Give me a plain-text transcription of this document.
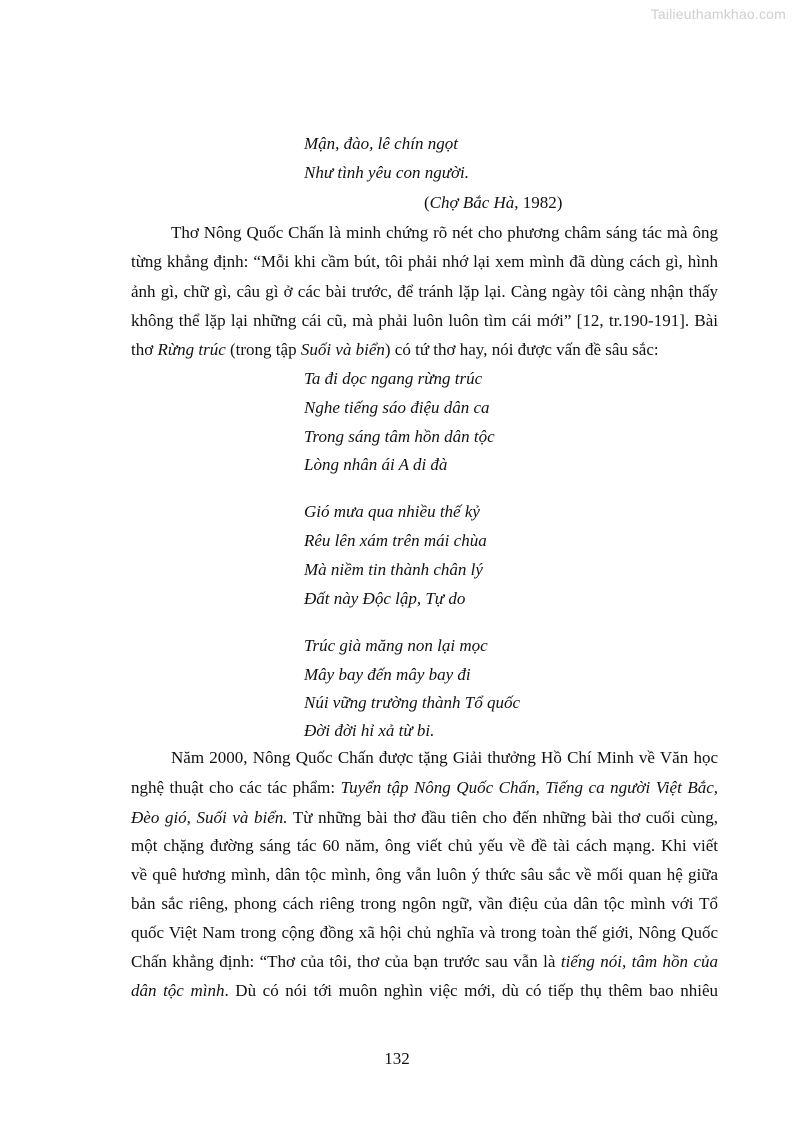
Tailieuthamkhao.com
Mận, đào, lê chín ngọt
Như tình yêu con người.
(Chợ Bắc Hà, 1982)
Thơ Nông Quốc Chấn là minh chứng rõ nét cho phương châm sáng tác mà ông
từng khẳng định: “Mỗi khi cầm bút, tôi phải nhớ lại xem mình đã dùng cách gì, hình
ảnh gì, chữ gì, câu gì ở các bài trước, để tránh lặp lại. Càng ngày tôi càng nhận thấy
không thể lặp lại những cái cũ, mà phải luôn luôn tìm cái mới” [12, tr.190-191]. Bài
thơ Rừng trúc (trong tập Suối và biển) có tứ thơ hay, nói được vấn đề sâu sắc:
Ta đi dọc ngang rừng trúc
Nghe tiếng sáo điệu dân ca
Trong sáng tâm hồn dân tộc
Lòng nhân ái A di đà
Gió mưa qua nhiều thế kỷ
Rêu lên xám trên mái chùa
Mà niềm tin thành chân lý
Đất này Độc lập, Tự do
Trúc già măng non lại mọc
Mây bay đến mây bay đi
Núi vững trường thành Tổ quốc
Đời đời hỉ xả từ bi.
Năm 2000, Nông Quốc Chấn được tặng Giải thưởng Hồ Chí Minh về Văn học
nghệ thuật cho các tác phẩm: Tuyển tập Nông Quốc Chấn, Tiếng ca người Việt Bắc,
Đèo gió, Suối và biển. Từ những bài thơ đầu tiên cho đến những bài thơ cuối cùng,
một chặng đường sáng tác 60 năm, ông viết chủ yếu về đề tài cách mạng. Khi viết
về quê hương mình, dân tộc mình, ông vẫn luôn ý thức sâu sắc về mối quan hệ giữa
bản sắc riêng, phong cách riêng trong ngôn ngữ, vần điệu của dân tộc mình với Tổ
quốc Việt Nam trong cộng đồng xã hội chủ nghĩa và trong toàn thế giới, Nông Quốc
Chấn khẳng định: “Thơ của tôi, thơ của bạn trước sau vẫn là tiếng nói, tâm hồn của
dân tộc mình. Dù có nói tới muôn nghìn việc mới, dù có tiếp thụ thêm bao nhiêu
132
